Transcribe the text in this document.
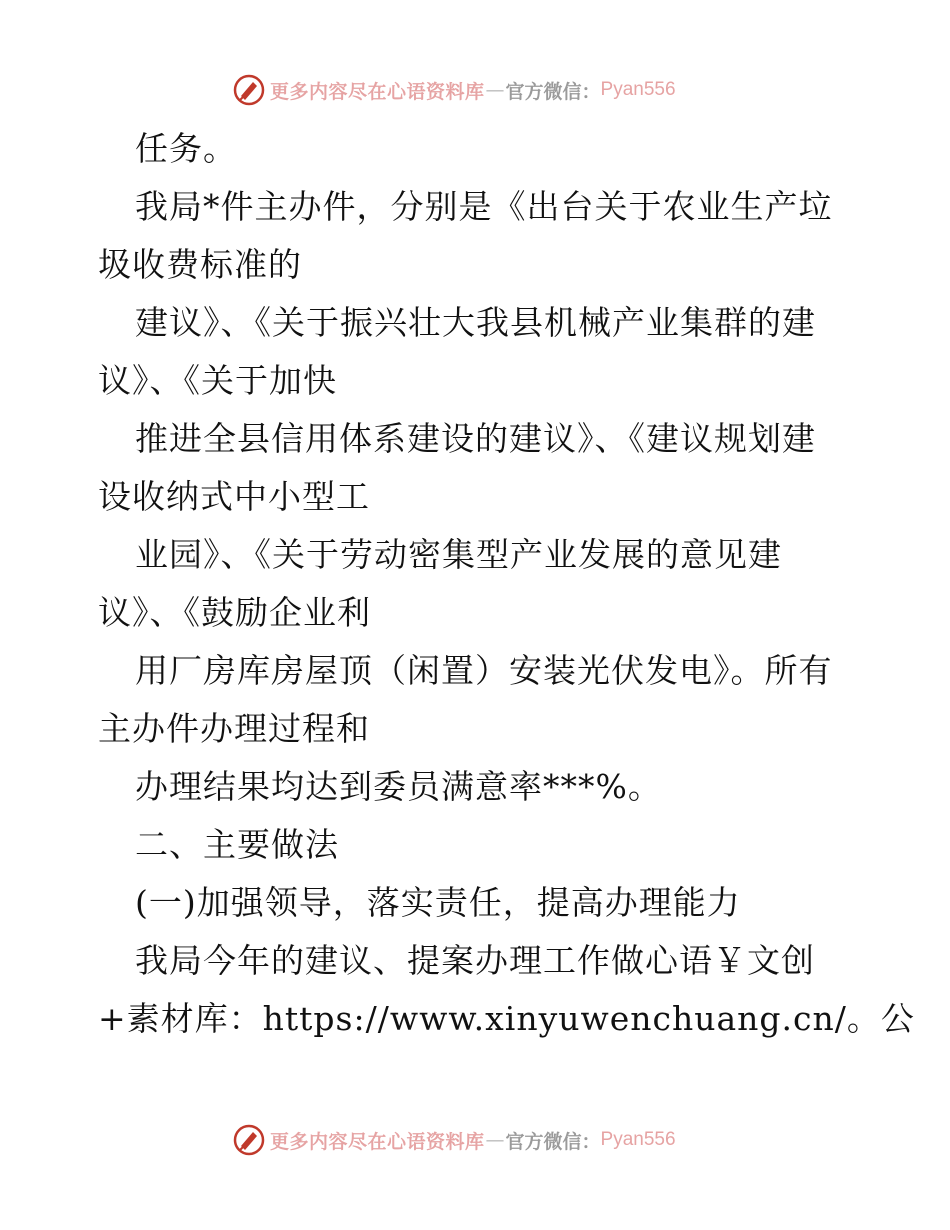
更多内容尽在心语资料库 — 官方微信： Pyan556
任务。
我局*件主办件，分别是《出台关于农业生产垃
圾收费标准的
建议》、《关于振兴壮大我县机械产业集群的建
议》、《关于加快
推进全县信用体系建设的建议》、《建议规划建
设收纳式中小型工
业园》、《关于劳动密集型产业发展的意见建
议》、《鼓励企业利
用厂房库房屋顶（闲置）安装光伏发电》。所有
主办件办理过程和
办理结果均达到委员满意率***%。
二、主要做法
(一)加强领导，落实责任，提高办理能力
我局今年的建议、提案办理工作做心语￥文创
+素材库：https://www.xinyuwenchuang.cn/。公
更多内容尽在心语资料库 — 官方微信： Pyan556
